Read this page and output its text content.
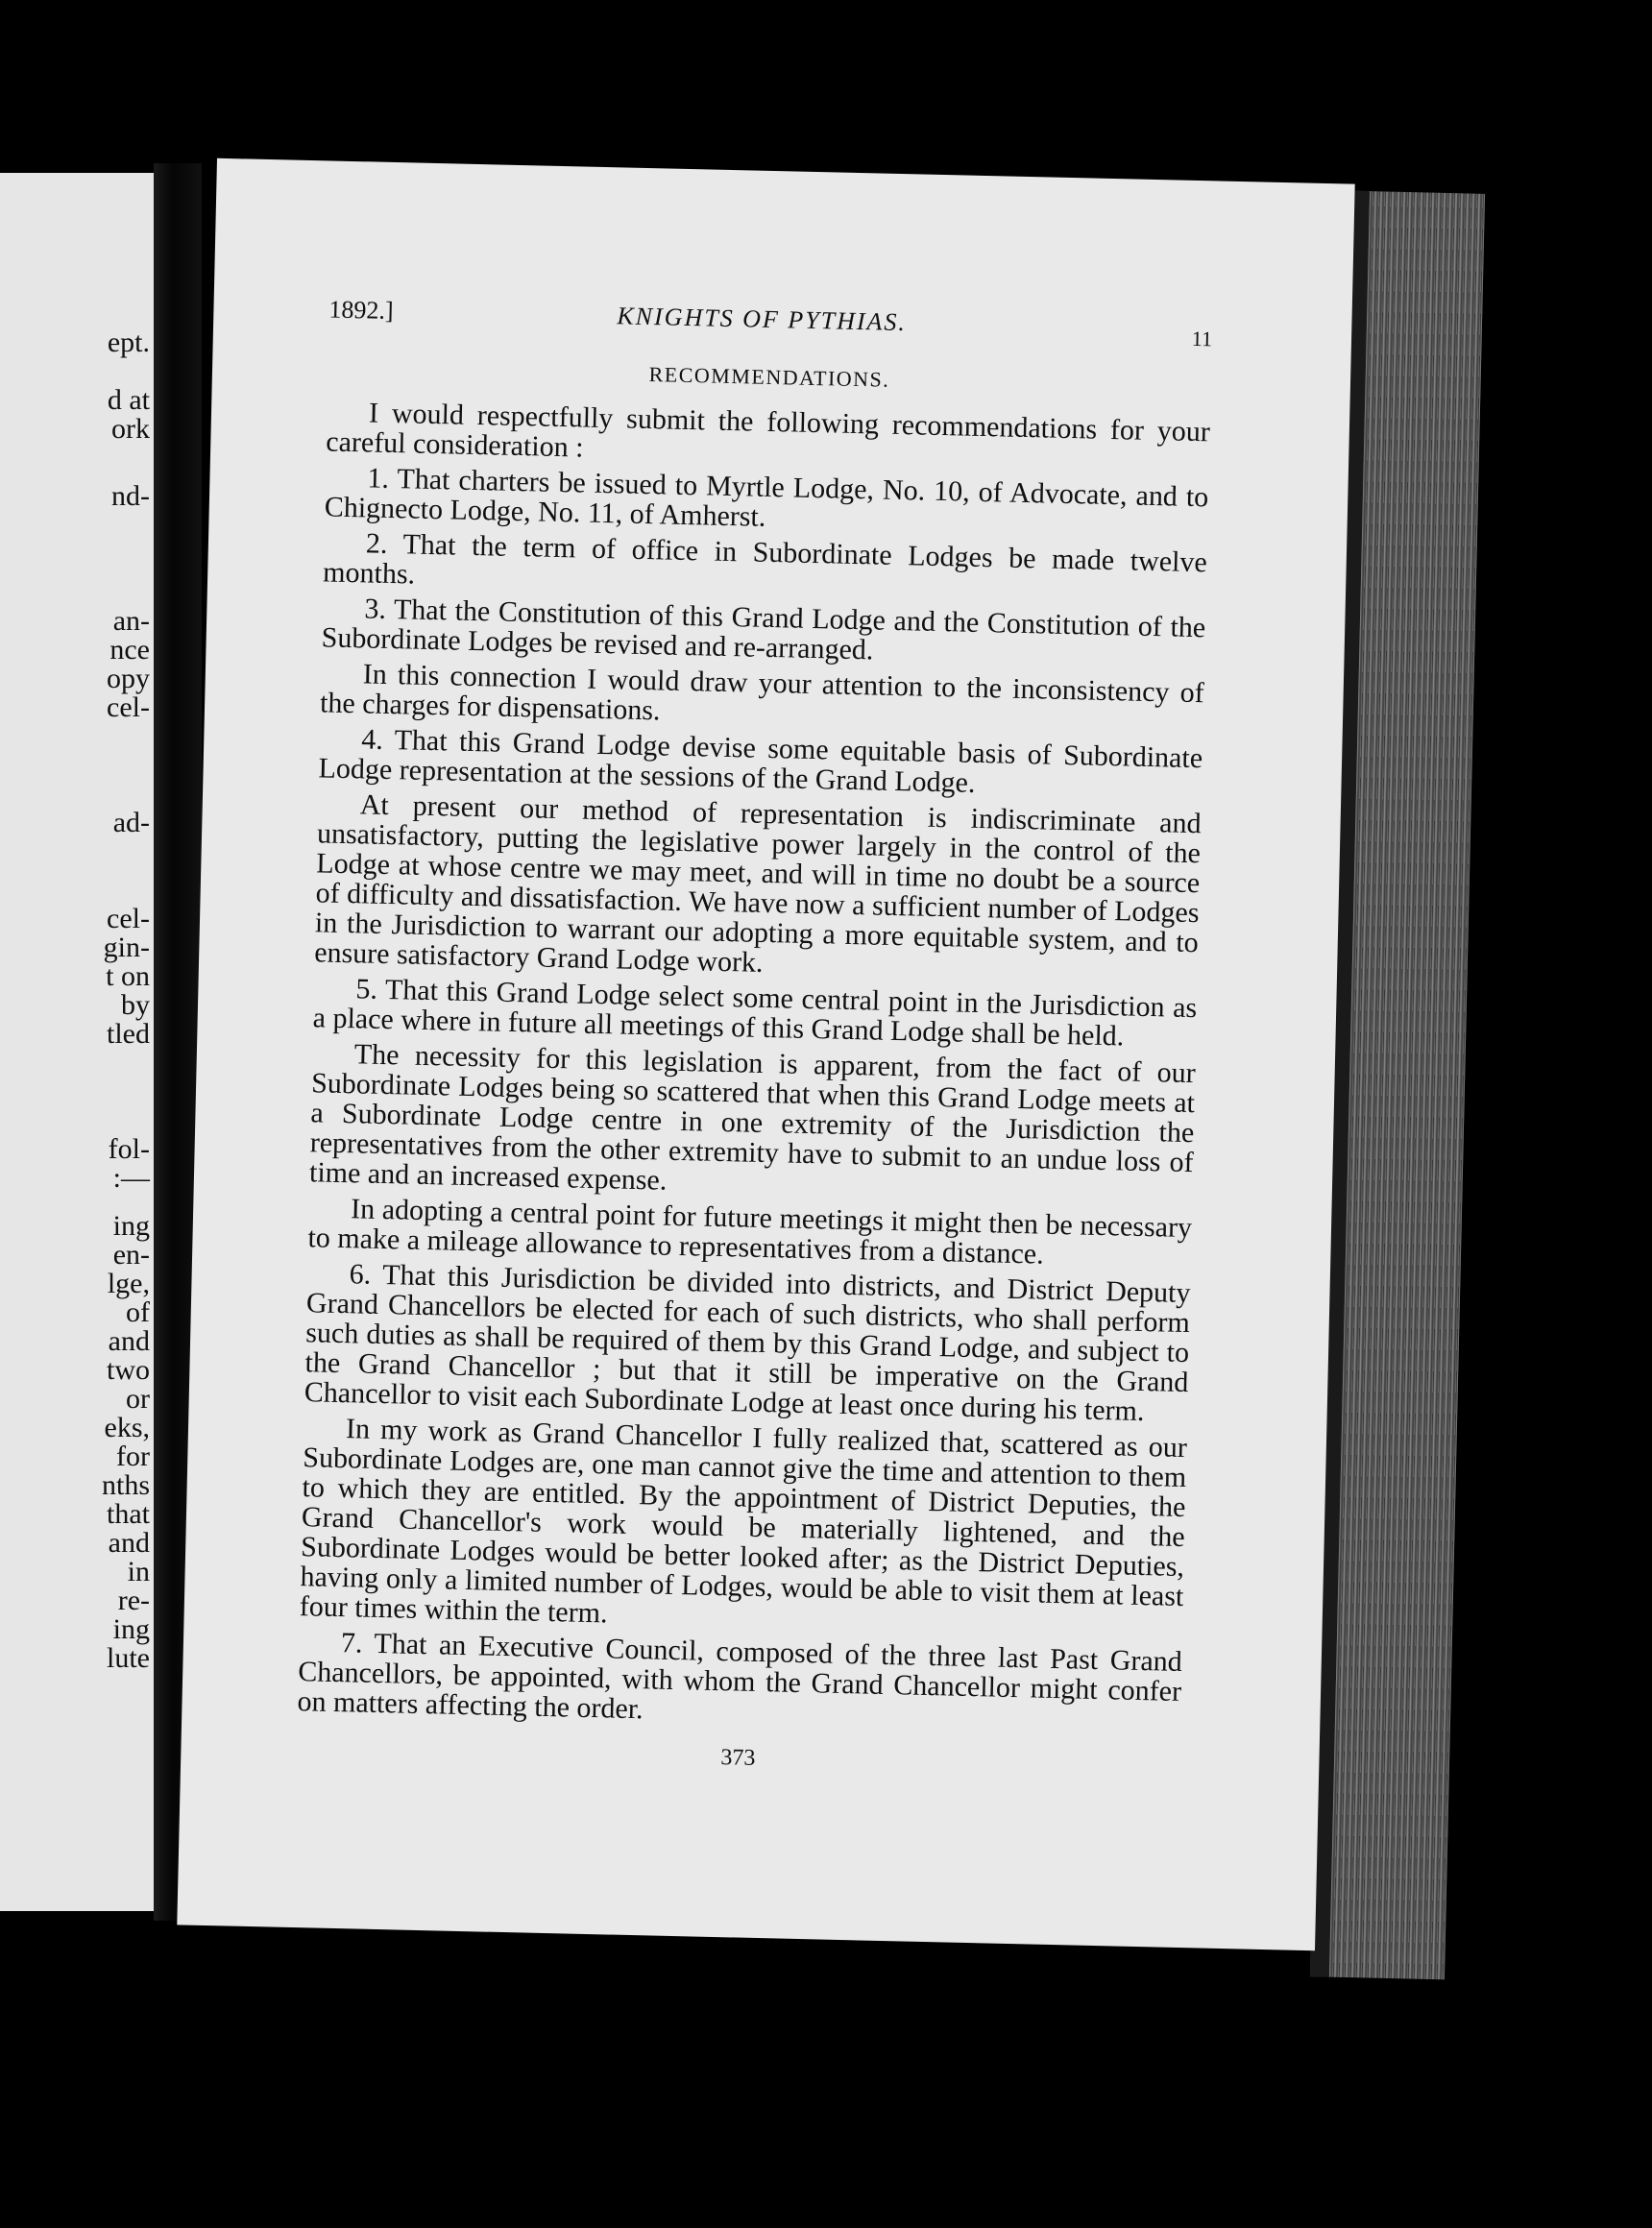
ept.
d at
ork
nd-
an-
nce
opy
cel-
ad-
cel-
gin-
t on
by
tled
fol-
:—
ing
en-
lge,
of
and
two
or
eks,
for
nths
that
and
in
re-
ing
lute
1892.]	KNIGHTS OF PYTHIAS.
11
RECOMMENDATIONS.

I would respectfully submit the following recommendations for your careful consideration :

1. That charters be issued to Myrtle Lodge, No. 10, of Advocate, and to Chignecto Lodge, No. 11, of Amherst.

2. That the term of office in Subordinate Lodges be made twelve months.

3. That the Constitution of this Grand Lodge and the Constitution of the Subordinate Lodges be revised and re-arranged.

In this connection I would draw your attention to the inconsistency of the charges for dispensations.

4. That this Grand Lodge devise some equitable basis of Subordinate Lodge representation at the sessions of the Grand Lodge.

At present our method of representation is indiscriminate and unsatisfactory, putting the legislative power largely in the control of the Lodge at whose centre we may meet, and will in time no doubt be a source of difficulty and dissatisfaction. We have now a sufficient number of Lodges in the Jurisdiction to warrant our adopting a more equitable system, and to ensure satisfactory Grand Lodge work.

5. That this Grand Lodge select some central point in the Jurisdiction as a place where in future all meetings of this Grand Lodge shall be held.

The necessity for this legislation is apparent, from the fact of our Subordinate Lodges being so scattered that when this Grand Lodge meets at a Subordinate Lodge centre in one extremity of the Jurisdiction the representatives from the other extremity have to submit to an undue loss of time and an increased expense.

In adopting a central point for future meetings it might then be necessary to make a mileage allowance to representatives from a distance.

6. That this Jurisdiction be divided into districts, and District Deputy Grand Chancellors be elected for each of such districts, who shall perform such duties as shall be required of them by this Grand Lodge, and subject to the Grand Chancellor ; but that it still be imperative on the Grand Chancellor to visit each Subordinate Lodge at least once during his term.

In my work as Grand Chancellor I fully realized that, scattered as our Subordinate Lodges are, one man cannot give the time and attention to them to which they are entitled. By the appointment of District Deputies, the Grand Chancellor's work would be materially lightened, and the Subordinate Lodges would be better looked after; as the District Deputies, having only a limited number of Lodges, would be able to visit them at least four times within the term.

7. That an Executive Council, composed of the three last Past Grand Chancellors, be appointed, with whom the Grand Chancellor might confer on matters affecting the order.

373
